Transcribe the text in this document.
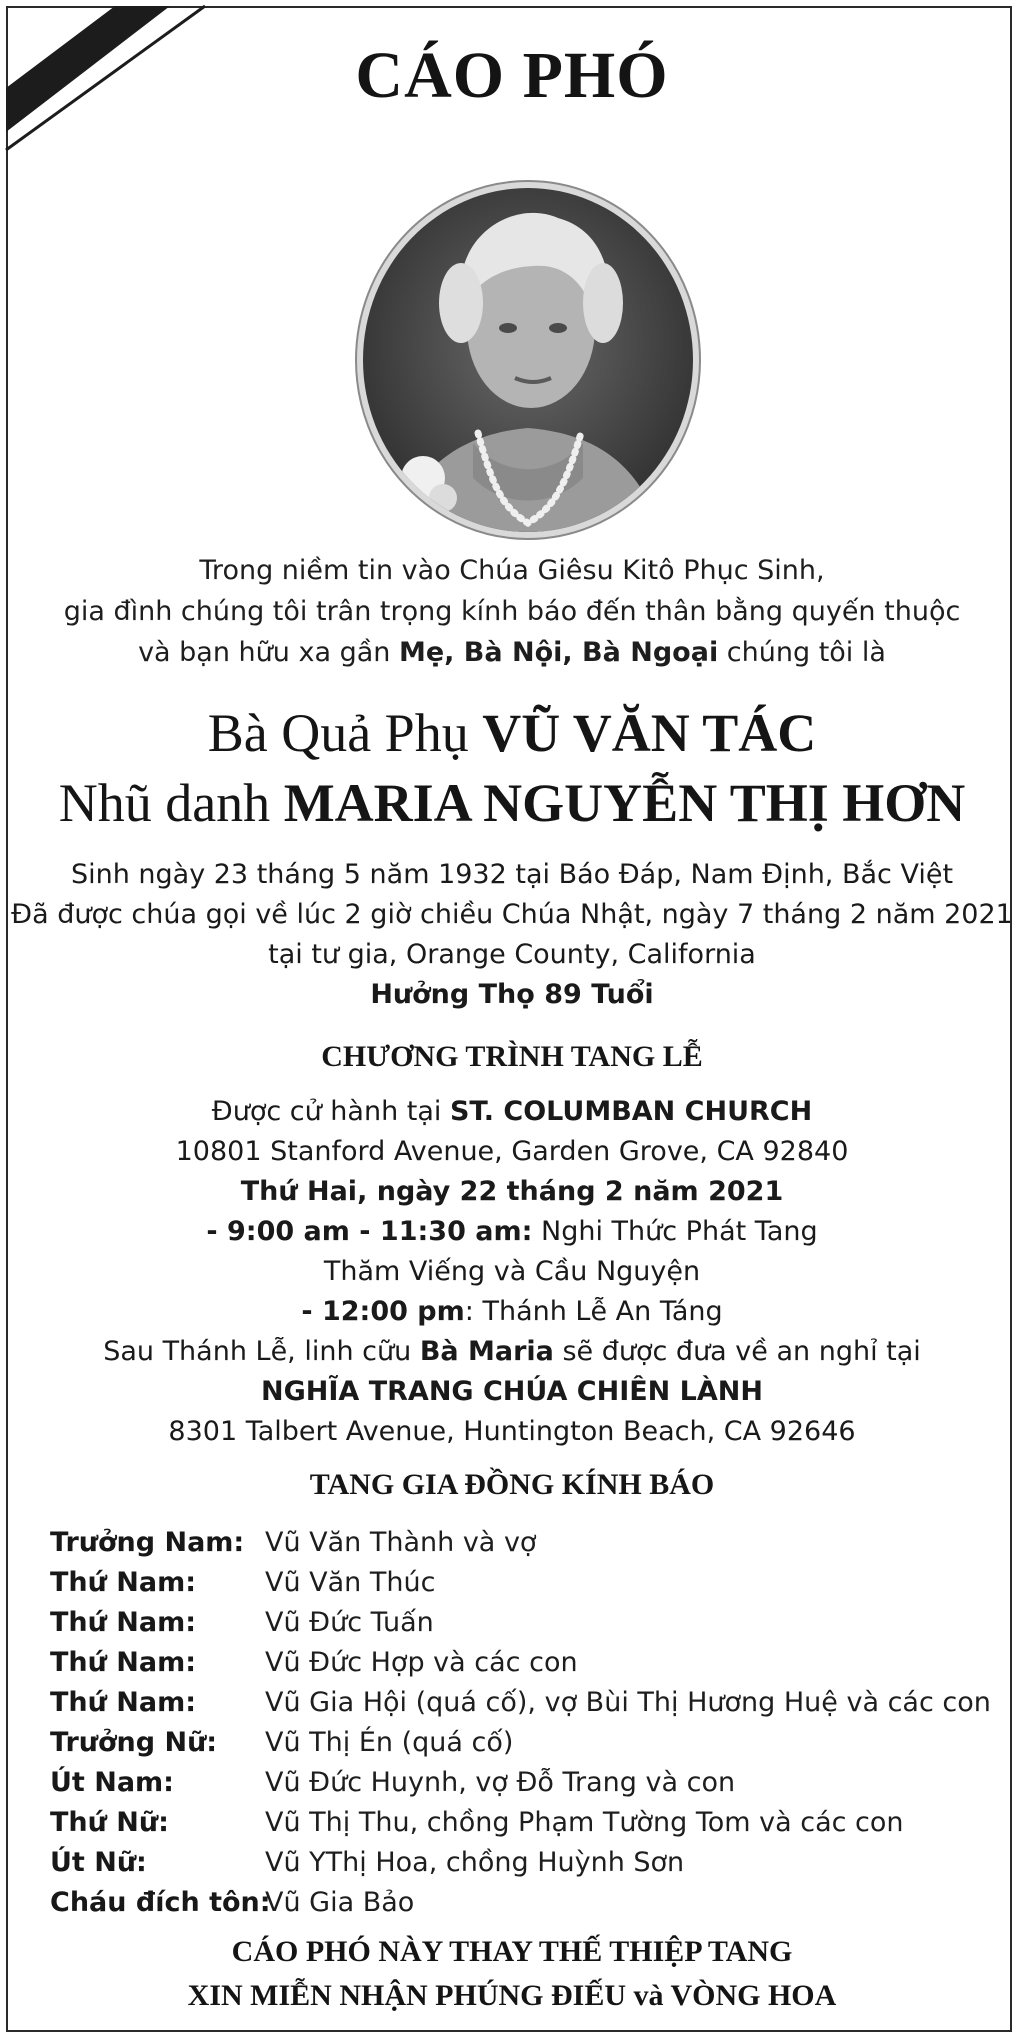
CÁO PHÓ
Trong niềm tin vào Chúa Giêsu Kitô Phục Sinh,
gia đình chúng tôi trân trọng kính báo đến thân bằng quyến thuộc
và bạn hữu xa gần Mẹ, Bà Nội, Bà Ngoại chúng tôi là
Bà Quả Phụ VŨ VĂN TÁC
Nhũ danh MARIA NGUYỄN THỊ HƠN
Sinh ngày 23 tháng 5 năm 1932 tại Báo Đáp, Nam Định, Bắc Việt
Đã được chúa gọi về lúc 2 giờ chiều Chúa Nhật, ngày 7 tháng 2 năm 2021
tại tư gia, Orange County, California
Hưởng Thọ 89 Tuổi
CHƯƠNG TRÌNH TANG LỄ
Được cử hành tại ST. COLUMBAN CHURCH
10801 Stanford Avenue, Garden Grove, CA 92840
Thứ Hai, ngày 22 tháng 2 năm 2021
- 9:00 am - 11:30 am: Nghi Thức Phát Tang
Thăm Viếng và Cầu Nguyện
- 12:00 pm: Thánh Lễ An Táng
Sau Thánh Lễ, linh cữu Bà Maria sẽ được đưa về an nghỉ tại
NGHĨA TRANG CHÚA CHIÊN LÀNH
8301 Talbert Avenue, Huntington Beach, CA 92646
TANG GIA ĐỒNG KÍNH BÁO
Trưởng Nam: Vũ Văn Thành và vợ
Thứ Nam:	Vũ Văn Thúc
Thứ Nam:	Vũ Đức Tuấn
Thứ Nam:	Vũ Đức Hợp và các con
Thứ Nam:	Vũ Gia Hội (quá cố), vợ Bùi Thị Hương Huệ và các con
Trưởng Nữ:	Vũ Thị Én (quá cố)
Út Nam:	Vũ Đức Huynh, vợ Đỗ Trang và con
Thứ Nữ:	Vũ Thị Thu, chồng Phạm Tường Tom và các con
Út Nữ:	Vũ YThị Hoa, chồng Huỳnh Sơn
Cháu đích tôn:
Vũ Gia Bảo
CÁO PHÓ NÀY THAY THẾ THIỆP TANG
XIN MIỄN NHẬN PHÚNG ĐIẾU và VÒNG HOA
